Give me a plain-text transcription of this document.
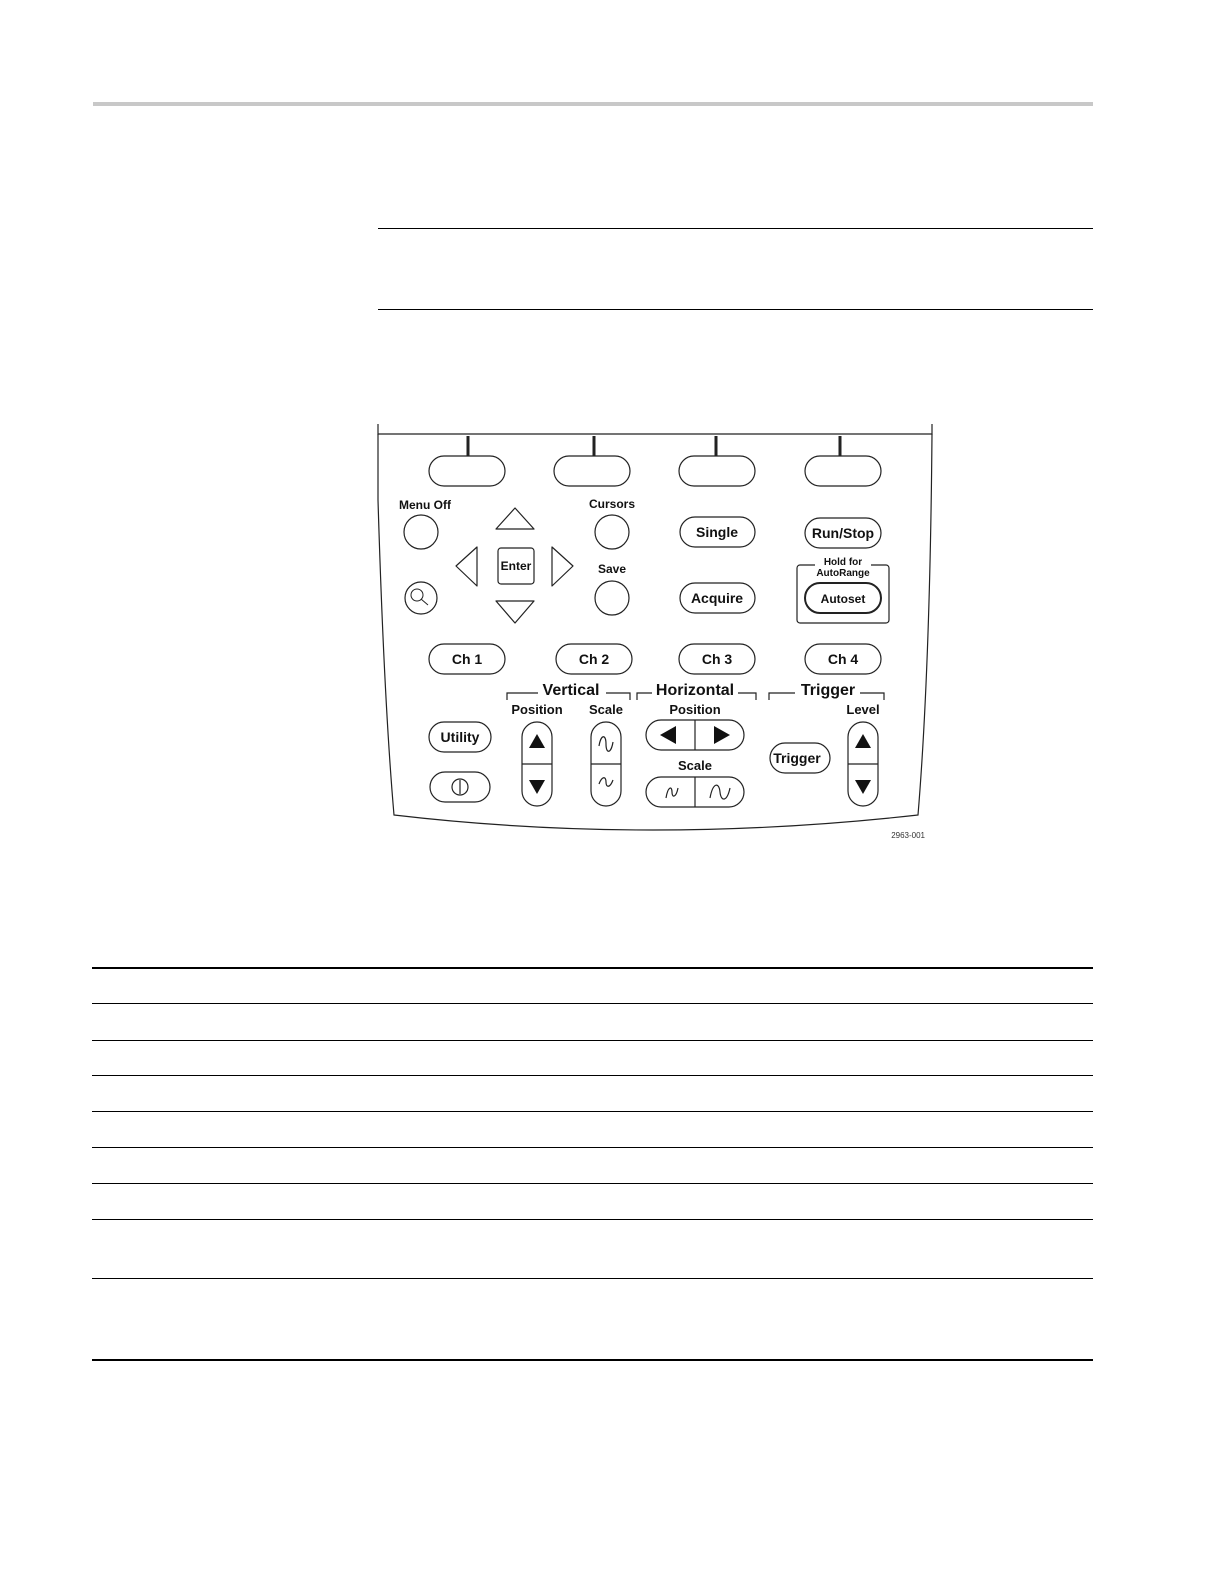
Menu Off
Enter
Cursors
Save
Single
Acquire
Run/Stop
Hold for
AutoRange
Autoset
Ch 1	Ch 2	Ch 3	Ch 4
Vertical	Horizontal	Trigger
Position Scale	Position	Level
Scale
Utility
Trigger
2963-001
